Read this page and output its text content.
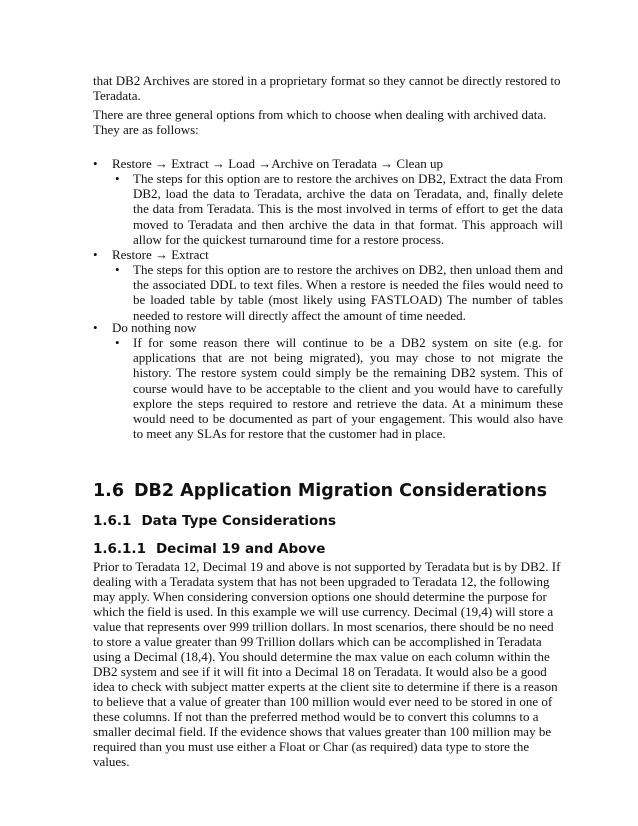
that DB2 Archives are stored in a proprietary format so they cannot be directly restored to Teradata.

There are three general options from which to choose when dealing with archived data. They are as follows:

• Restore → Extract → Load →Archive on Teradata → Clean up
• The steps for this option are to restore the archives on DB2, Extract the data From DB2, load the data to Teradata, archive the data on Teradata, and, finally delete the data from Teradata. This is the most involved in terms of effort to get the data moved to Teradata and then archive the data in that format. This approach will allow for the quickest turnaround time for a restore process.

• Restore → Extract
• The steps for this option are to restore the archives on DB2, then unload them and the associated DDL to text files. When a restore is needed the files would need to be loaded table by table (most likely using FASTLOAD) The number of tables needed to restore will directly affect the amount of time needed.

• Do nothing now
• If for some reason there will continue to be a DB2 system on site (e.g. for applications that are not being migrated), you may chose to not migrate the history. The restore system could simply be the remaining DB2 system. This of course would have to be acceptable to the client and you would have to carefully explore the steps required to restore and retrieve the data. At a minimum these would need to be documented as part of your engagement. This would also have to meet any SLAs for restore that the customer had in place.

1.6 DB2 Application Migration Considerations
1.6.1 Data Type Considerations
1.6.1.1 Decimal 19 and Above

Prior to Teradata 12, Decimal 19 and above is not supported by Teradata but is by DB2. If dealing with a Teradata system that has not been upgraded to Teradata 12, the following may apply. When considering conversion options one should determine the purpose for which the field is used. In this example we will use currency. Decimal (19,4) will store a value that represents over 999 trillion dollars. In most scenarios, there should be no need to store a value greater than 99 Trillion dollars which can be accomplished in Teradata using a Decimal (18,4). You should determine the max value on each column within the DB2 system and see if it will fit into a Decimal 18 on Teradata. It would also be a good idea to check with subject matter experts at the client site to determine if there is a reason to believe that a value of greater than 100 million would ever need to be stored in one of these columns. If not than the preferred method would be to convert this columns to a smaller decimal field. If the evidence shows that values greater than 100 million may be required than you must use either a Float or Char (as required) data type to store the values.
